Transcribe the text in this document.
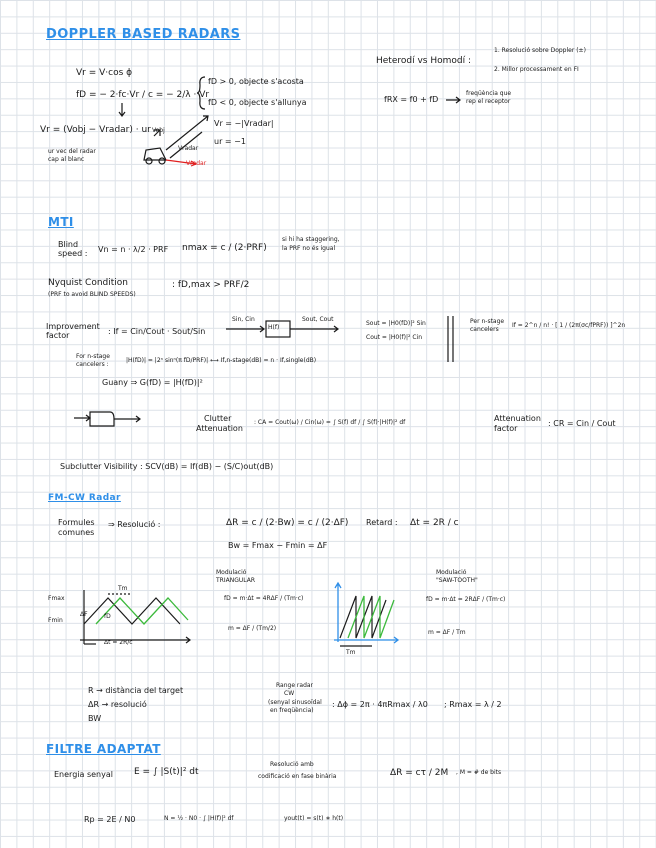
DOPPLER BASED RADARS
Vr = V·cos ϕ
fD = − 2·fc·Vr / c = − 2/λ · Vr
fD > 0, objecte s'acosta
fD < 0, objecte s'allunya
Vr = (Vobj − Vradar) · ur
ur vec del radar
cap al blanc
Vobj
Vradar
Vradar
Vr = −|Vradar|
ur = −1
Heterodí vs Homodí :
1. Resolució sobre Doppler (±)
2. Millor processament en FI
fRX = f0 + fD
freqüència que
rep el receptor
MTI
Blind
speed : Vn = n · λ/2 · PRF nmax = c / (2·PRF)
si hi ha staggering,
la PRF no és igual
Nyquist Condition
(PRF to avoid BLIND SPEEDS)
: fD,max > PRF/2
Improvement
factor	: If = Cin/Cout · Sout/Sin
Sin, Cin
H(f)
Sout, Cout
Sout = |H0(fD)|² Sin
Cout = |H0(f)|² Cin
Per n-stage
cancelers
If = 2^n / n! · [ 1 / (2π(σc/fPRF)) ]^2n
For n-stage
cancelers :
|H(fD)| = |2ⁿ sinⁿ(π fD/PRF)| ⟷ If,n-stage(dB) = n · If,single(dB)
Guany ⇒ G(fD) = |H(fD)|²
Clutter
Attenuation
: CA = Cout(ω) / Cin(ω) = ∫ S(f) df / ∫ S(f)·|H(f)|² df	Attenuation
factor
: CR = Cin / Cout
Subclutter Visibility : SCV(dB) = If(dB) − (S/C)out(dB)
FM-CW Radar
Formules
comunes
⇒ Resolució :	ΔR = c / (2·Bw) = c / (2·ΔF) Retard : Δt = 2R / c
Bw = Fmax − Fmin = ΔF
Fmax
Fmin
ΔF
Tm
fD
Δt = 2R/c
Modulació
TRIANGULAR
fD = m·Δt = 4RΔF / (Tm·c)
m = ΔF / (Tm/2)
Tm
Modulació
"SAW-TOOTH"
fD = m·Δt = 2RΔF / (Tm·c)
m = ΔF / Tm
R → distància del target
ΔR → resolució
BW
Range radar
CW
(senyal sinusoïdal
en freqüència)
: Δϕ = 2π · 4πRmax / λ0 ; Rmax = λ / 2
FILTRE ADAPTAT
Energia senyal E = ∫ |S(t)|² dt
Resolució amb
codificació en fase binària	ΔR = cτ / 2M , M = # de bits
Rp = 2E / N0	N = ½ · N0 · ∫ |H(f)|² df	yout(t) = s(t) ∗ h(t)
